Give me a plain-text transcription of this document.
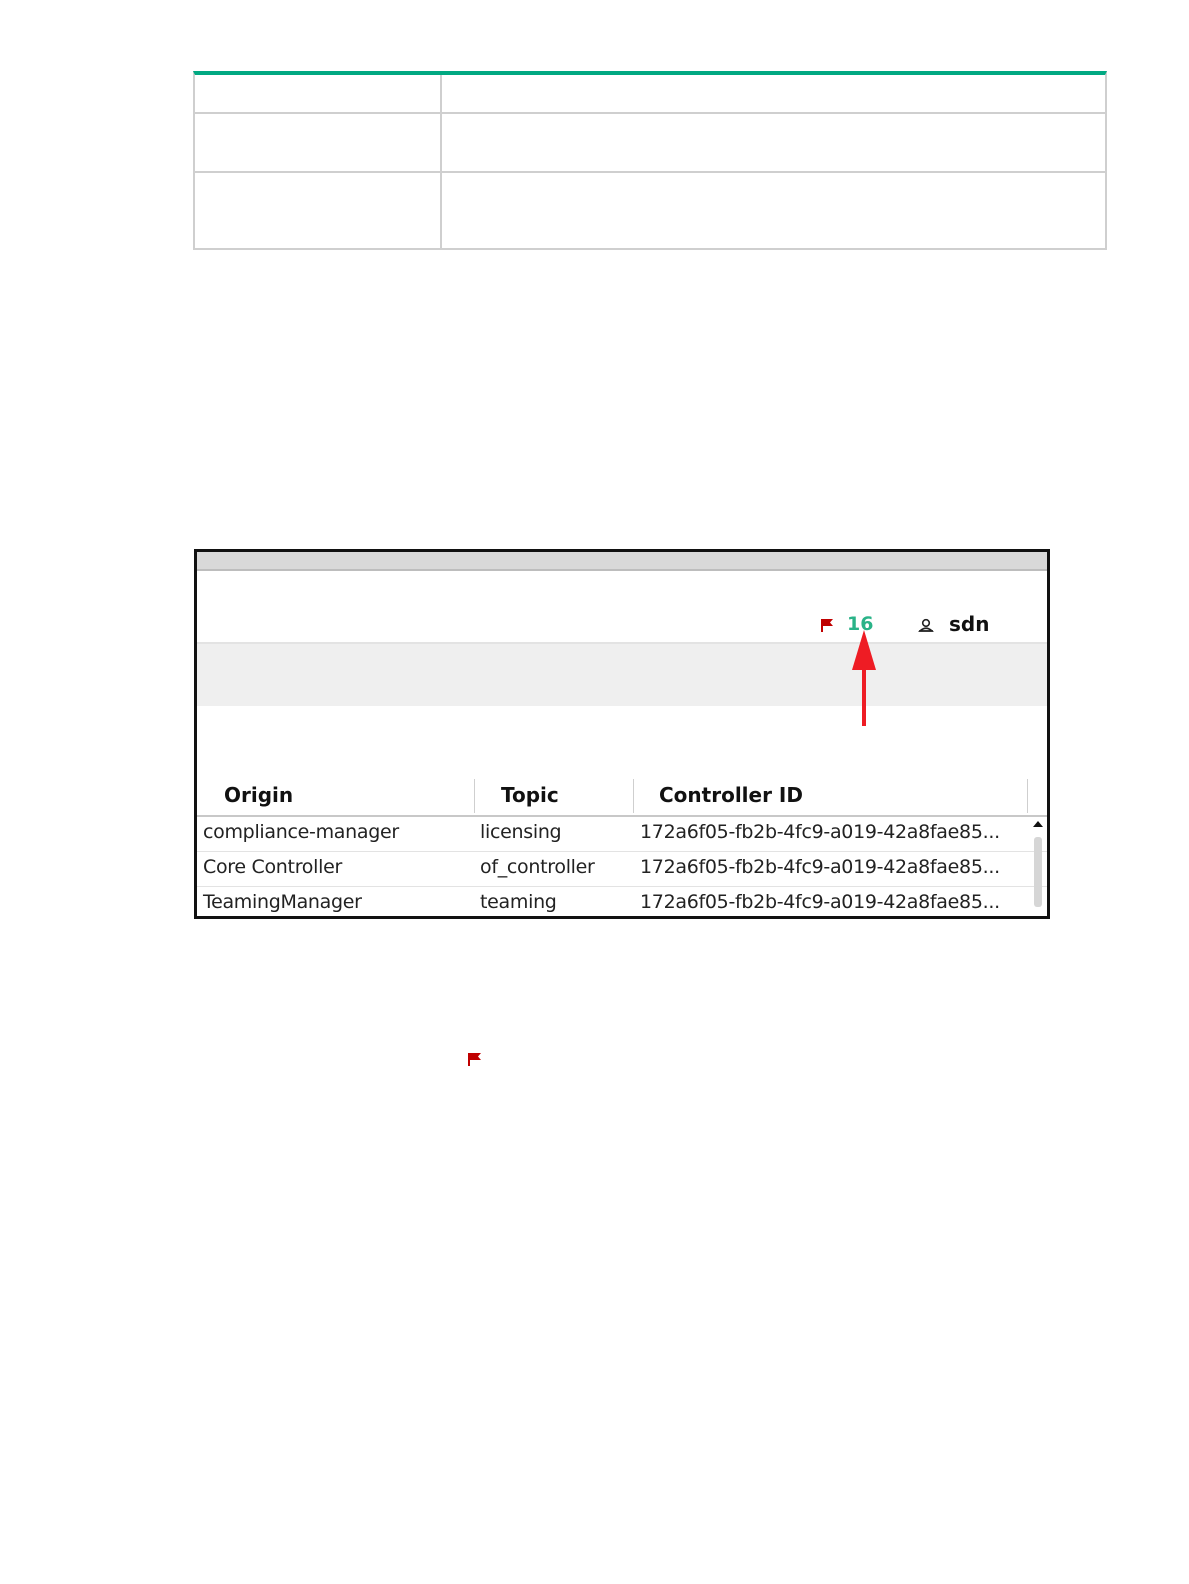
16	sdn
Origin	Topic	Controller ID
compliance-manager	licensing	172a6f05-fb2b-4fc9-a019-42a8fae85...
Core Controller	of_controller 172a6f05-fb2b-4fc9-a019-42a8fae85...
TeamingManager	teaming	172a6f05-fb2b-4fc9-a019-42a8fae85...
